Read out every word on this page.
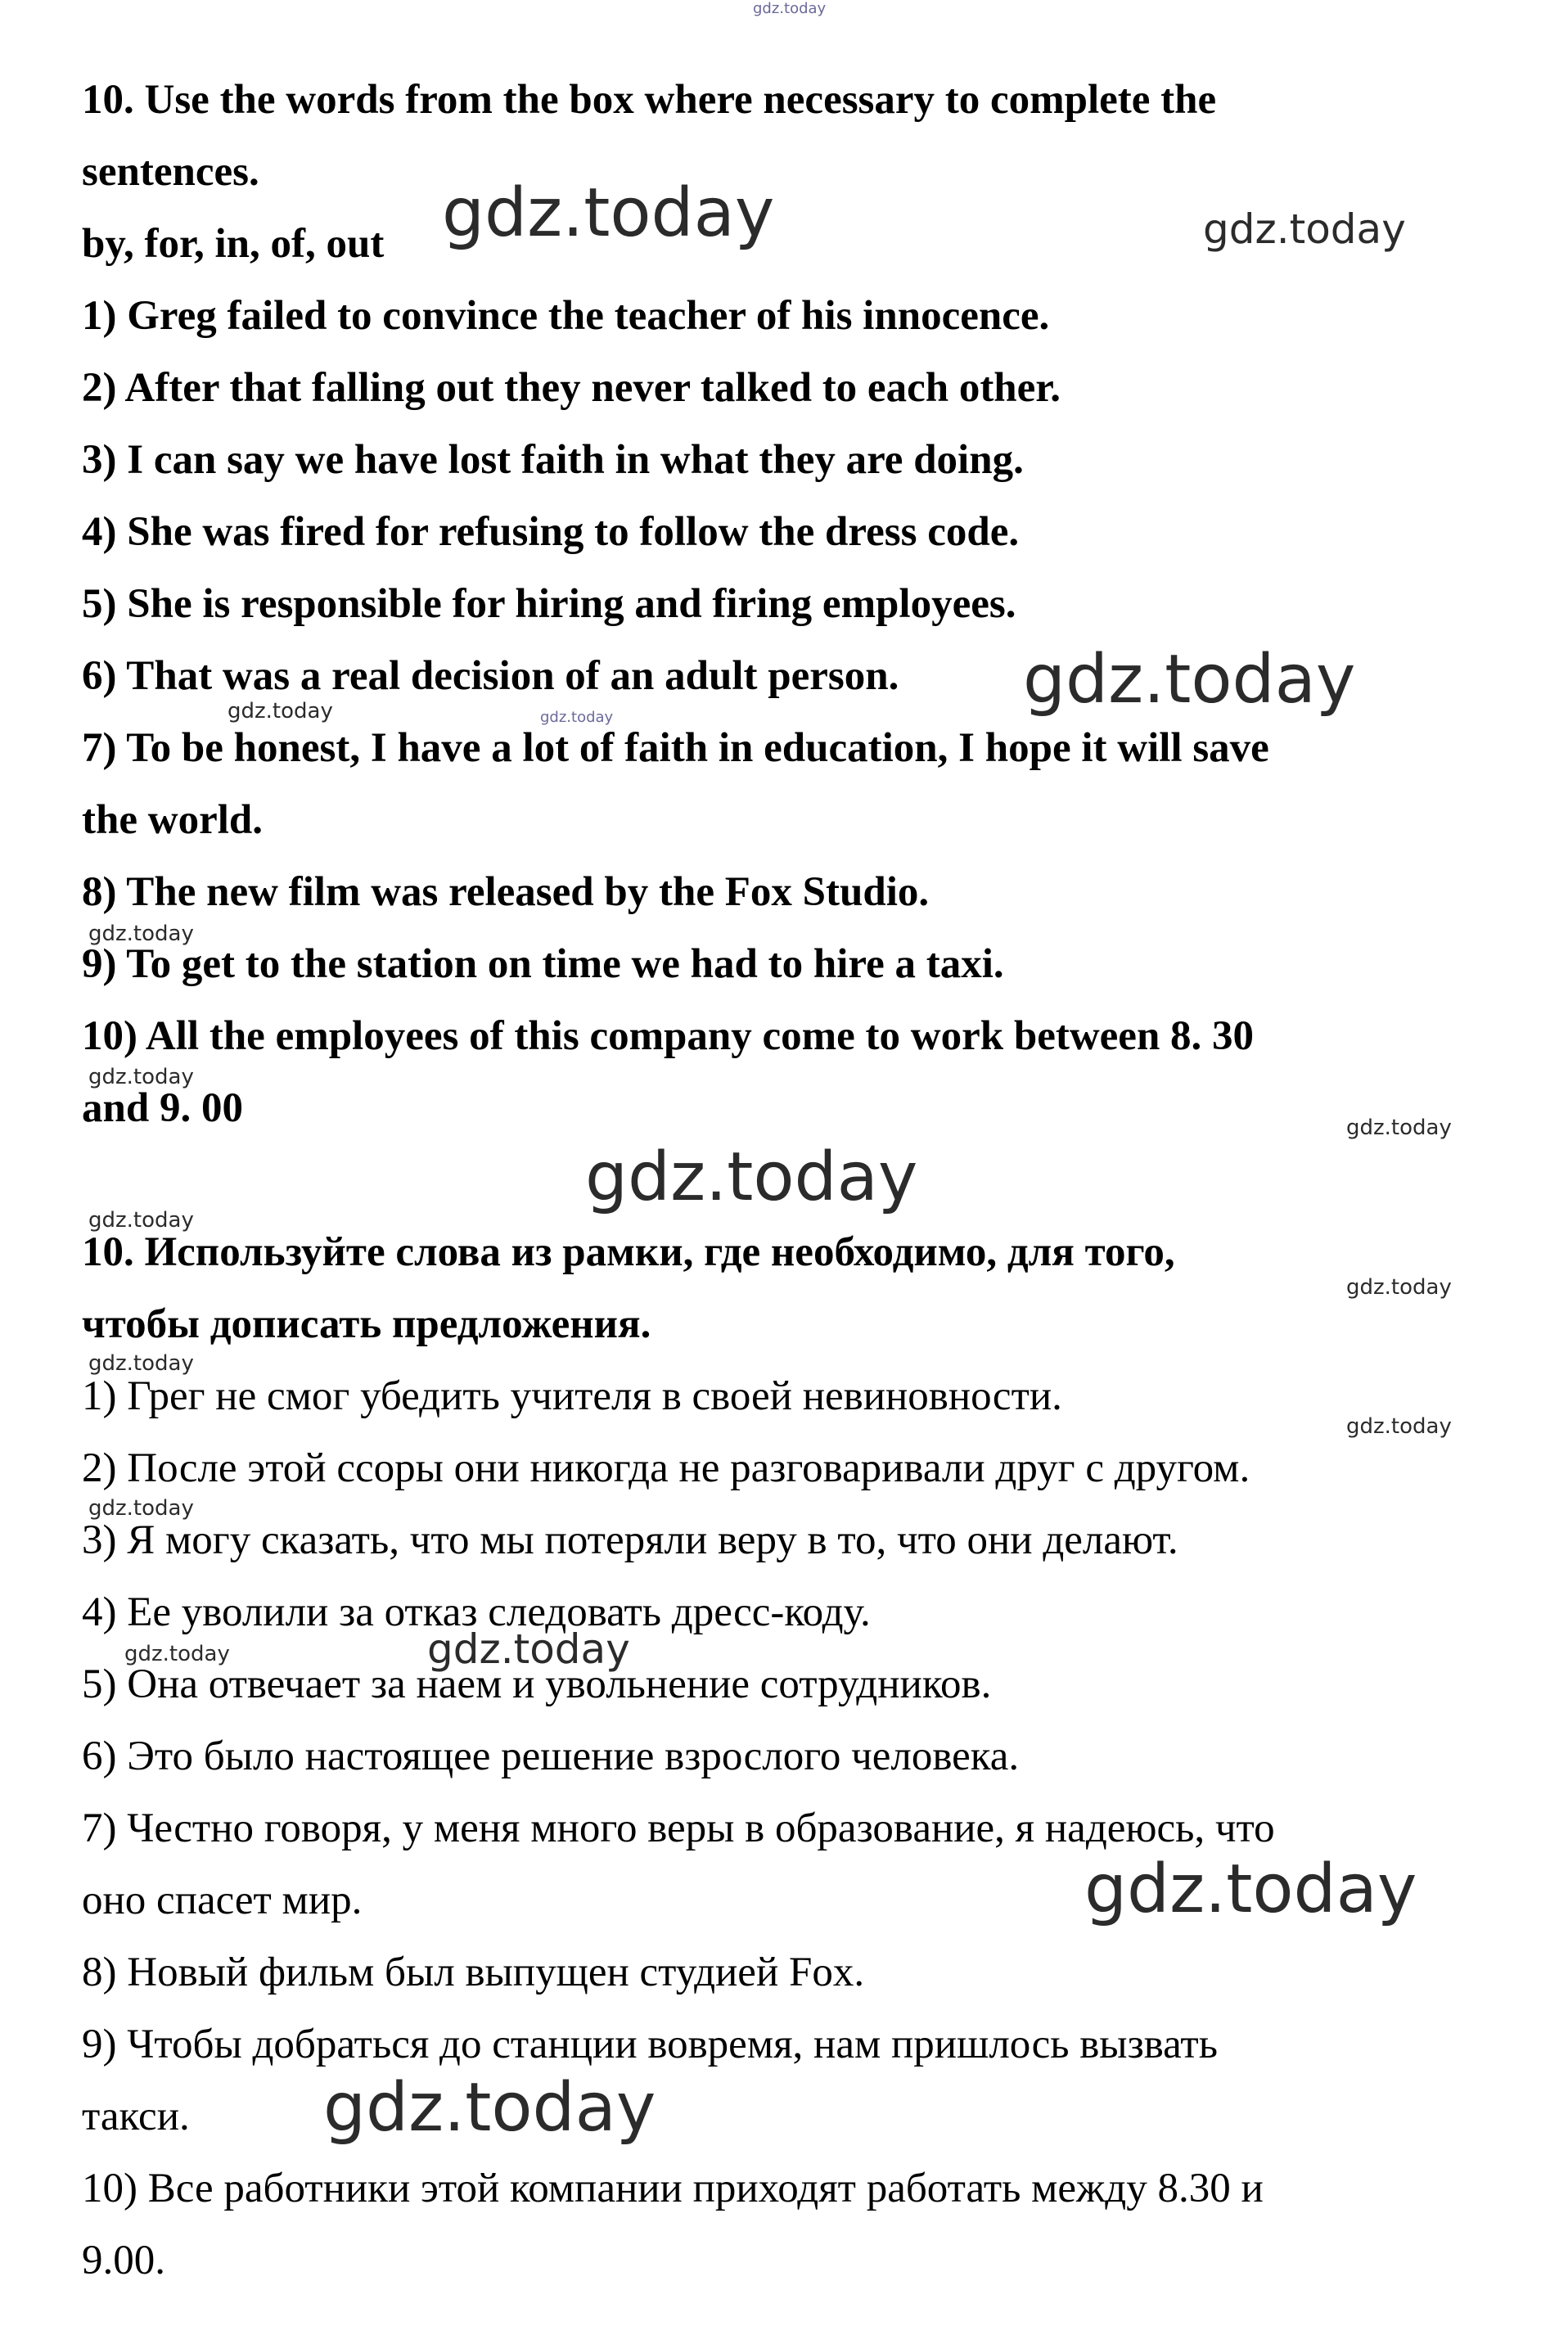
10. Use the words from the box where necessary to complete the
sentences.
by, for, in, of, out
1) Greg failed to convince the teacher of his innocence.
2) After that falling out they never talked to each other.
3) I can say we have lost faith in what they are doing.
4) She was fired for refusing to follow the dress code.
5) She is responsible for hiring and firing employees.
6) That was a real decision of an adult person.
7) To be honest, I have a lot of faith in education, I hope it will save
the world.
8) The new film was released by the Fox Studio.
9) To get to the station on time we had to hire a taxi.
10) All the employees of this company come to work between 8. 30
and 9. 00
10. Используйте слова из рамки, где необходимо, для того,
чтобы дописать предложения.
1) Грег не смог убедить учителя в своей невиновности.
2) После этой ссоры они никогда не разговаривали друг с другом.
3) Я могу сказать, что мы потеряли веру в то, что они делают.
4) Ее уволили за отказ следовать дресс-коду.
5) Она отвечает за наем и увольнение сотрудников.
6) Это было настоящее решение взрослого человека.
7) Честно говоря, у меня много веры в образование, я надеюсь, что
оно спасет мир.
8) Новый фильм был выпущен студией Fox.
9) Чтобы добраться до станции вовремя, нам пришлось вызвать
такси.
10) Все работники этой компании приходят работать между 8.30 и
9.00.
gdz.today
gdz.today	gdz.today
gdz.today
gdz.today	gdz.today
gdz.today
gdz.today
gdz.today
gdz.today
gdz.today
gdz.today
gdz.today
gdz.today
gdz.today
gdz.today	gdz.today
gdz.today
gdz.today
